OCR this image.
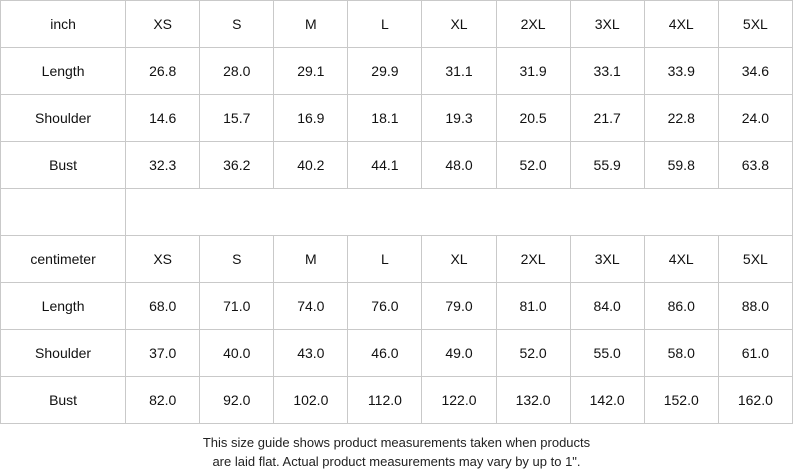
inch	XS	S	M	L	XL	2XL	3XL	4XL	5XL
Length	26.8	28.0	29.1	29.9	31.1	31.9	33.1	33.9	34.6
Shoulder	14.6	15.7	16.9	18.1	19.3	20.5	21.7	22.8	24.0
Bust	32.3	36.2	40.2	44.1	48.0	52.0	55.9	59.8	63.8

centimeter	XS	S	M	L	XL	2XL	3XL	4XL	5XL
Length	68.0	71.0	74.0	76.0	79.0	81.0	84.0	86.0	88.0
Shoulder	37.0	40.0	43.0	46.0	49.0	52.0	55.0	58.0	61.0
Bust	82.0	92.0	102.0	112.0	122.0	132.0	142.0	152.0	162.0
This size guide shows product measurements taken when products
are laid flat. Actual product measurements may vary by up to 1".
